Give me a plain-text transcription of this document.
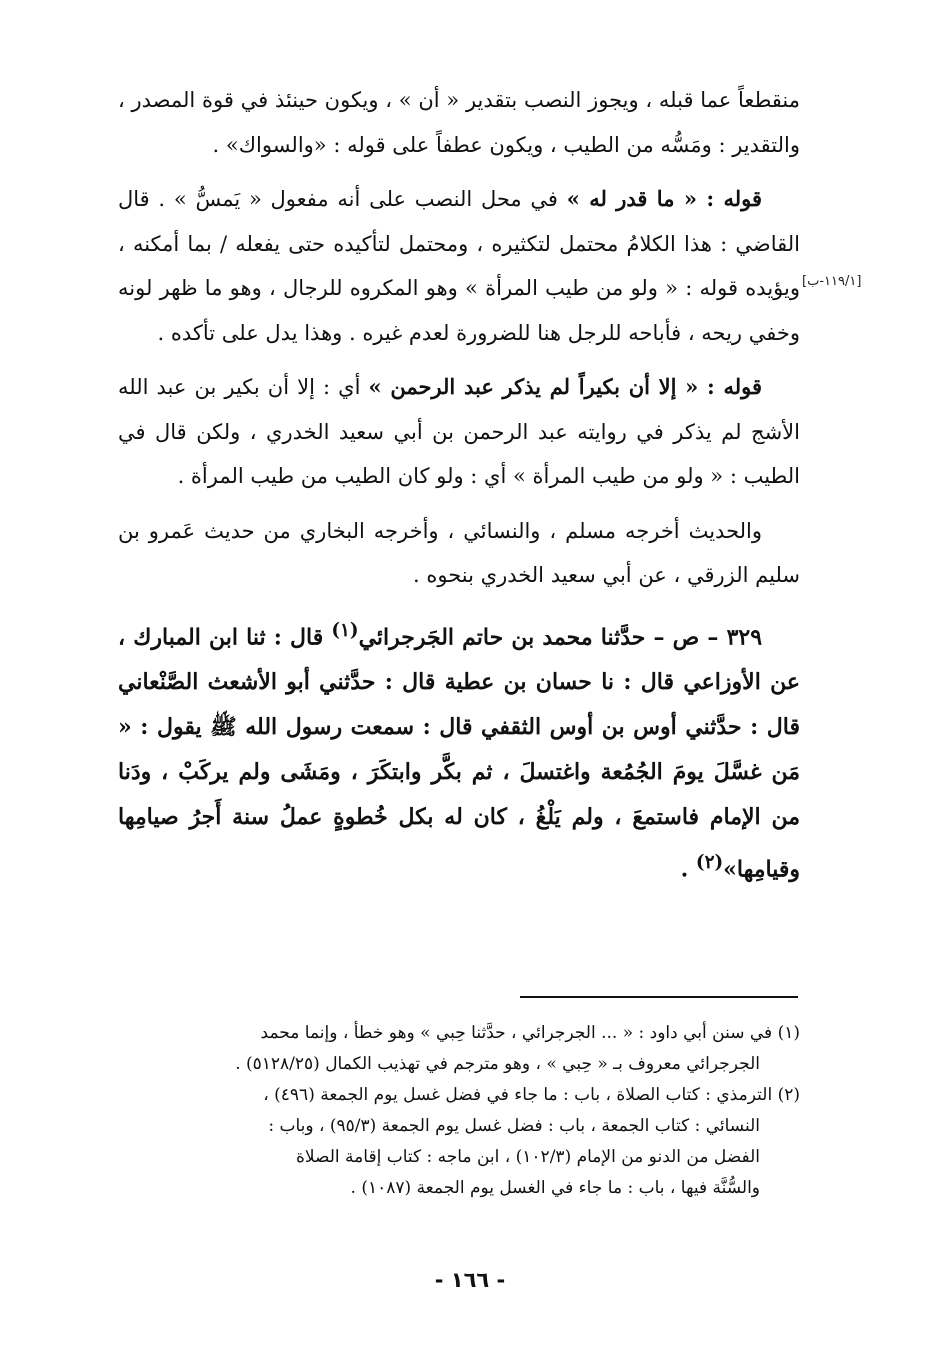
[١١٩/١-ب]

منقطعاً عما قبله ، ويجوز النصب بتقدير « أن » ، ويكون حينئذ في قوة المصدر ، والتقدير : ومَسُّه من الطيب ، ويكون عطفاً على قوله : «والسواك» .

قوله : « ما قدر له » في محل النصب على أنه مفعول « يَمسُّ » . قال القاضي : هذا الكلامُ محتمل لتكثيره ، ومحتمل لتأكيده حتى يفعله / بما أمكنه ، ويؤيده قوله : « ولو من طيب المرأة » وهو المكروه للرجال ، وهو ما ظهر لونه وخفي ريحه ، فأباحه للرجل هنا للضرورة لعدم غيره . وهذا يدل على تأكده .

قوله : « إلا أن بكيراً لم يذكر عبد الرحمن » أي : إلا أن بكير بن عبد الله الأشج لم يذكر في روايته عبد الرحمن بن أبي سعيد الخدري ، ولكن قال في الطيب : « ولو من طيب المرأة » أي : ولو كان الطيب من طيب المرأة .

والحديث أخرجه مسلم ، والنسائي ، وأخرجه البخاري من حديث عَمرو بن سليم الزرقي ، عن أبي سعيد الخدري بنحوه .

٣٢٩ – ص – حدَّثنا محمد بن حاتم الجَرجرائي$^{(١)}$ قال : ثنا ابن المبارك ، عن الأوزاعي قال : نا حسان بن عطية قال : حدَّثني أبو الأشعث الصَّنْعاني قال : حدَّثني أوس بن أوس الثقفي قال : سمعت رسول الله ﷺ يقول : « مَن غسَّلَ يومَ الجُمُعة واغتسلَ ، ثم بكَّر وابتكَرَ ، ومَشَى ولم يركَبْ ، ودَنا من الإمام فاستمعَ ، ولم يَلْغُ ، كان له بكل خُطوةٍ عملُ سنة أَجرُ صيامِها وقيامِها»$^{(٢)}$ .

(١) في سنن أبي داود : « ... الجرجرائي ، حدَّثنا حِبي » وهو خطأ ، وإنما محمد

الجرجرائي معروف بـ « حِبي » ، وهو مترجم في تهذيب الكمال (٥١٢٨/٢٥) .

(٢) الترمذي : كتاب الصلاة ، باب : ما جاء في فضل غسل يوم الجمعة (٤٩٦) ،

النسائي : كتاب الجمعة ، باب : فضل غسل يوم الجمعة (٩٥/٣) ، وباب :

الفضل من الدنو من الإمام (١٠٢/٣) ، ابن ماجه : كتاب إقامة الصلاة

والسُّنَّة فيها ، باب : ما جاء في الغسل يوم الجمعة (١٠٨٧) .

- ١٦٦ -
